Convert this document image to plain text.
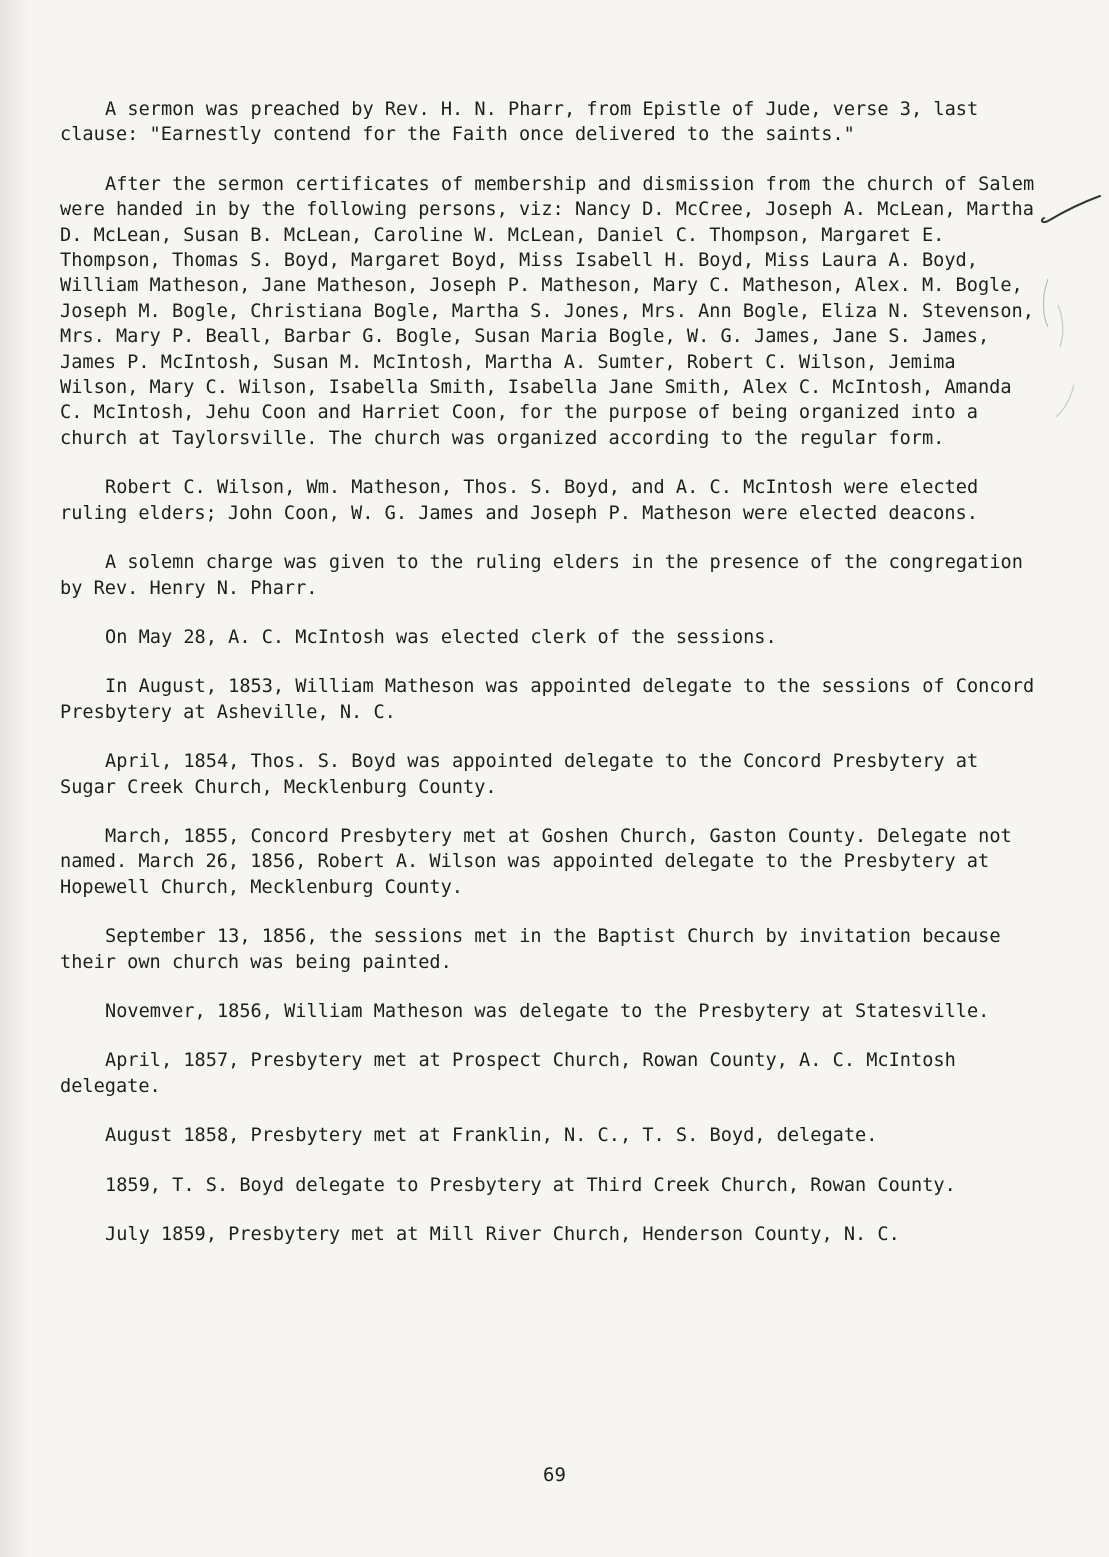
A sermon was preached by Rev. H. N. Pharr, from Epistle of Jude, verse 3, last clause: "Earnestly contend for the Faith once delivered to the saints."

After the sermon certificates of membership and dismission from the church of Salem were handed in by the following persons, viz: Nancy D. McCree, Joseph A. McLean, Martha D. McLean, Susan B. McLean, Caroline W. McLean, Daniel C. Thompson, Margaret E. Thompson, Thomas S. Boyd, Margaret Boyd, Miss Isabell H. Boyd, Miss Laura A. Boyd, William Matheson, Jane Matheson, Joseph P. Matheson, Mary C. Matheson, Alex. M. Bogle, Joseph M. Bogle, Christiana Bogle, Martha S. Jones, Mrs. Ann Bogle, Eliza N. Stevenson, Mrs. Mary P. Beall, Barbar G. Bogle, Susan Maria Bogle, W. G. James, Jane S. James, James P. McIntosh, Susan M. McIntosh, Martha A. Sumter, Robert C. Wilson, Jemima Wilson, Mary C. Wilson, Isabella Smith, Isabella Jane Smith, Alex C. McIntosh, Amanda C. McIntosh, Jehu Coon and Harriet Coon, for the purpose of being organized into a church at Taylorsville. The church was organized according to the regular form.

Robert C. Wilson, Wm. Matheson, Thos. S. Boyd, and A. C. McIntosh were elected ruling elders; John Coon, W. G. James and Joseph P. Matheson were elected deacons.

A solemn charge was given to the ruling elders in the presence of the congregation by Rev. Henry N. Pharr.

On May 28, A. C. McIntosh was elected clerk of the sessions.

In August, 1853, William Matheson was appointed delegate to the sessions of Concord Presbytery at Asheville, N. C.

April, 1854, Thos. S. Boyd was appointed delegate to the Concord Presbytery at Sugar Creek Church, Mecklenburg County.

March, 1855, Concord Presbytery met at Goshen Church, Gaston County. Delegate not named. March 26, 1856, Robert A. Wilson was appointed delegate to the Presbytery at Hopewell Church, Mecklenburg County.

September 13, 1856, the sessions met in the Baptist Church by invitation because their own church was being painted.

Novemver, 1856, William Matheson was delegate to the Presbytery at Statesville.

April, 1857, Presbytery met at Prospect Church, Rowan County, A. C. McIntosh delegate.

August 1858, Presbytery met at Franklin, N. C., T. S. Boyd, delegate.

1859, T. S. Boyd delegate to Presbytery at Third Creek Church, Rowan County.

July 1859, Presbytery met at Mill River Church, Henderson County, N. C.

69
